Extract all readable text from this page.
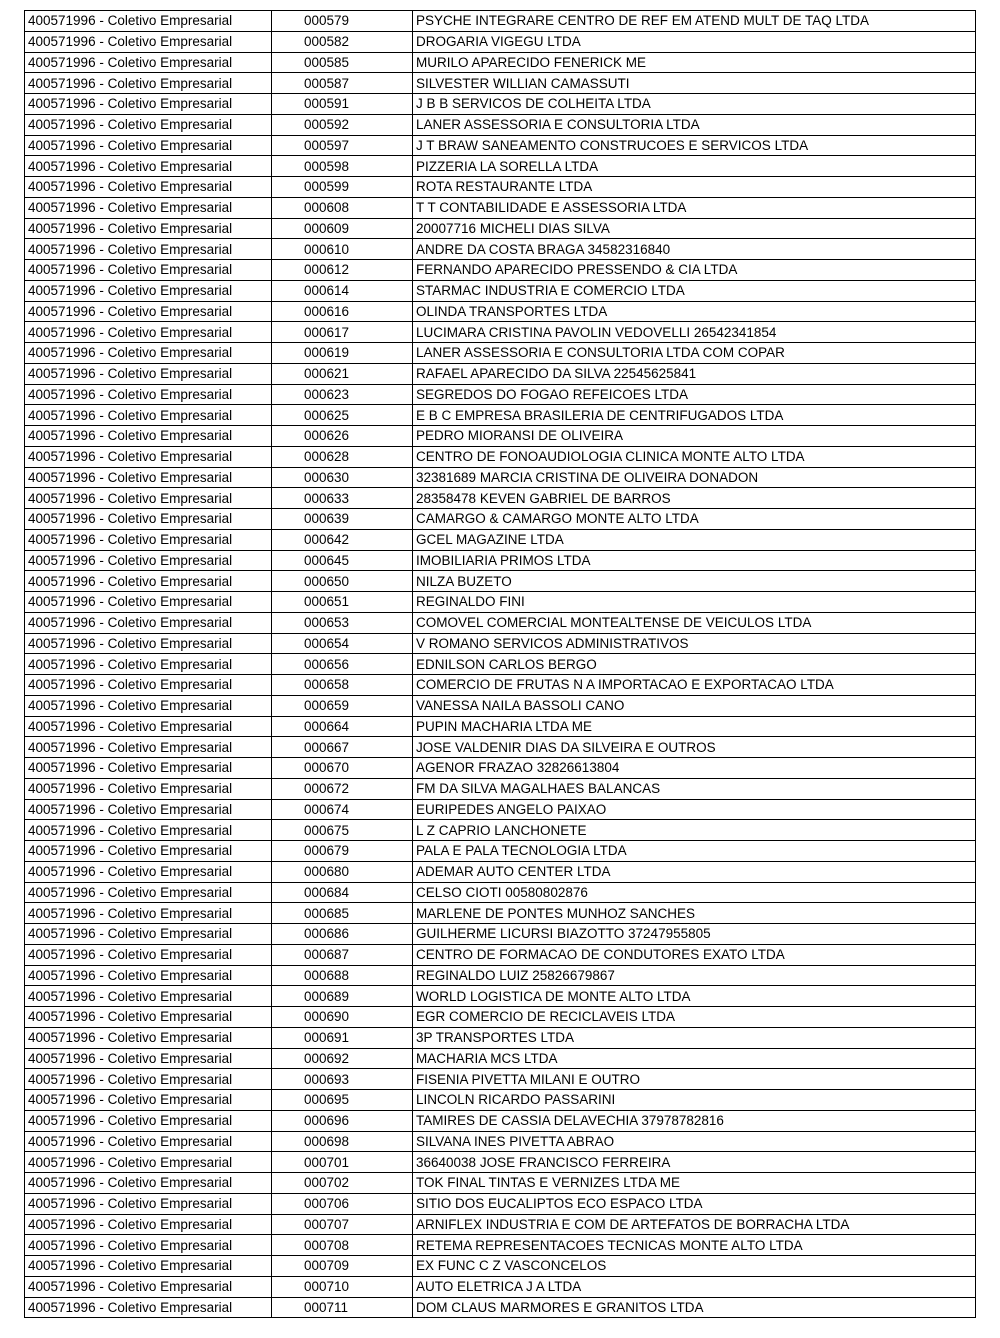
400571996 - Coletivo Empresarial	000579	PSYCHE INTEGRARE CENTRO DE REF EM ATEND MULT DE TAQ LTDA
400571996 - Coletivo Empresarial	000582	DROGARIA VIGEGU LTDA
400571996 - Coletivo Empresarial	000585	MURILO APARECIDO FENERICK ME
400571996 - Coletivo Empresarial	000587	SILVESTER WILLIAN CAMASSUTI
400571996 - Coletivo Empresarial	000591	J B B SERVICOS DE COLHEITA LTDA
400571996 - Coletivo Empresarial	000592	LANER ASSESSORIA E CONSULTORIA LTDA
400571996 - Coletivo Empresarial	000597	J T BRAW SANEAMENTO CONSTRUCOES E SERVICOS LTDA
400571996 - Coletivo Empresarial	000598	PIZZERIA LA SORELLA LTDA
400571996 - Coletivo Empresarial	000599	ROTA RESTAURANTE LTDA
400571996 - Coletivo Empresarial	000608	T T CONTABILIDADE E ASSESSORIA LTDA
400571996 - Coletivo Empresarial	000609	20007716 MICHELI DIAS SILVA
400571996 - Coletivo Empresarial	000610	ANDRE DA COSTA BRAGA 34582316840
400571996 - Coletivo Empresarial	000612	FERNANDO APARECIDO PRESSENDO & CIA LTDA
400571996 - Coletivo Empresarial	000614	STARMAC INDUSTRIA E COMERCIO LTDA
400571996 - Coletivo Empresarial	000616	OLINDA TRANSPORTES LTDA
400571996 - Coletivo Empresarial	000617	LUCIMARA CRISTINA PAVOLIN VEDOVELLI 26542341854
400571996 - Coletivo Empresarial	000619	LANER ASSESSORIA E CONSULTORIA LTDA COM COPAR
400571996 - Coletivo Empresarial	000621	RAFAEL APARECIDO DA SILVA 22545625841
400571996 - Coletivo Empresarial	000623	SEGREDOS DO FOGAO REFEICOES LTDA
400571996 - Coletivo Empresarial	000625	E B C EMPRESA BRASILERIA DE CENTRIFUGADOS LTDA
400571996 - Coletivo Empresarial	000626	PEDRO MIORANSI DE OLIVEIRA
400571996 - Coletivo Empresarial	000628	CENTRO DE FONOAUDIOLOGIA CLINICA MONTE ALTO LTDA
400571996 - Coletivo Empresarial	000630	32381689 MARCIA CRISTINA DE OLIVEIRA DONADON
400571996 - Coletivo Empresarial	000633	28358478 KEVEN GABRIEL DE BARROS
400571996 - Coletivo Empresarial	000639	CAMARGO & CAMARGO MONTE ALTO LTDA
400571996 - Coletivo Empresarial	000642	GCEL MAGAZINE LTDA
400571996 - Coletivo Empresarial	000645	IMOBILIARIA PRIMOS LTDA
400571996 - Coletivo Empresarial	000650	NILZA BUZETO
400571996 - Coletivo Empresarial	000651	REGINALDO FINI
400571996 - Coletivo Empresarial	000653	COMOVEL COMERCIAL MONTEALTENSE DE VEICULOS LTDA
400571996 - Coletivo Empresarial	000654	V ROMANO SERVICOS ADMINISTRATIVOS
400571996 - Coletivo Empresarial	000656	EDNILSON CARLOS BERGO
400571996 - Coletivo Empresarial	000658	COMERCIO DE FRUTAS N A IMPORTACAO E EXPORTACAO LTDA
400571996 - Coletivo Empresarial	000659	VANESSA NAILA BASSOLI CANO
400571996 - Coletivo Empresarial	000664	PUPIN MACHARIA LTDA ME
400571996 - Coletivo Empresarial	000667	JOSE VALDENIR DIAS DA SILVEIRA E OUTROS
400571996 - Coletivo Empresarial	000670	AGENOR FRAZAO 32826613804
400571996 - Coletivo Empresarial	000672	FM DA SILVA MAGALHAES BALANCAS
400571996 - Coletivo Empresarial	000674	EURIPEDES ANGELO PAIXAO
400571996 - Coletivo Empresarial	000675	L Z CAPRIO LANCHONETE
400571996 - Coletivo Empresarial	000679	PALA E PALA TECNOLOGIA LTDA
400571996 - Coletivo Empresarial	000680	ADEMAR AUTO CENTER LTDA
400571996 - Coletivo Empresarial	000684	CELSO CIOTI 00580802876
400571996 - Coletivo Empresarial	000685	MARLENE DE PONTES MUNHOZ SANCHES
400571996 - Coletivo Empresarial	000686	GUILHERME LICURSI BIAZOTTO 37247955805
400571996 - Coletivo Empresarial	000687	CENTRO DE FORMACAO DE CONDUTORES EXATO LTDA
400571996 - Coletivo Empresarial	000688	REGINALDO LUIZ 25826679867
400571996 - Coletivo Empresarial	000689	WORLD LOGISTICA DE MONTE ALTO LTDA
400571996 - Coletivo Empresarial	000690	EGR COMERCIO DE RECICLAVEIS LTDA
400571996 - Coletivo Empresarial	000691	3P TRANSPORTES LTDA
400571996 - Coletivo Empresarial	000692	MACHARIA MCS LTDA
400571996 - Coletivo Empresarial	000693	FISENIA PIVETTA MILANI E OUTRO
400571996 - Coletivo Empresarial	000695	LINCOLN RICARDO PASSARINI
400571996 - Coletivo Empresarial	000696	TAMIRES DE CASSIA DELAVECHIA 37978782816
400571996 - Coletivo Empresarial	000698	SILVANA INES PIVETTA ABRAO
400571996 - Coletivo Empresarial	000701	36640038 JOSE FRANCISCO FERREIRA
400571996 - Coletivo Empresarial	000702	TOK FINAL TINTAS E VERNIZES LTDA ME
400571996 - Coletivo Empresarial	000706	SITIO DOS EUCALIPTOS ECO ESPACO LTDA
400571996 - Coletivo Empresarial	000707	ARNIFLEX INDUSTRIA E COM DE ARTEFATOS DE BORRACHA LTDA
400571996 - Coletivo Empresarial	000708	RETEMA REPRESENTACOES TECNICAS MONTE ALTO LTDA
400571996 - Coletivo Empresarial	000709	EX FUNC C Z VASCONCELOS
400571996 - Coletivo Empresarial	000710	AUTO ELETRICA J A LTDA
400571996 - Coletivo Empresarial	000711	DOM CLAUS MARMORES E GRANITOS LTDA
